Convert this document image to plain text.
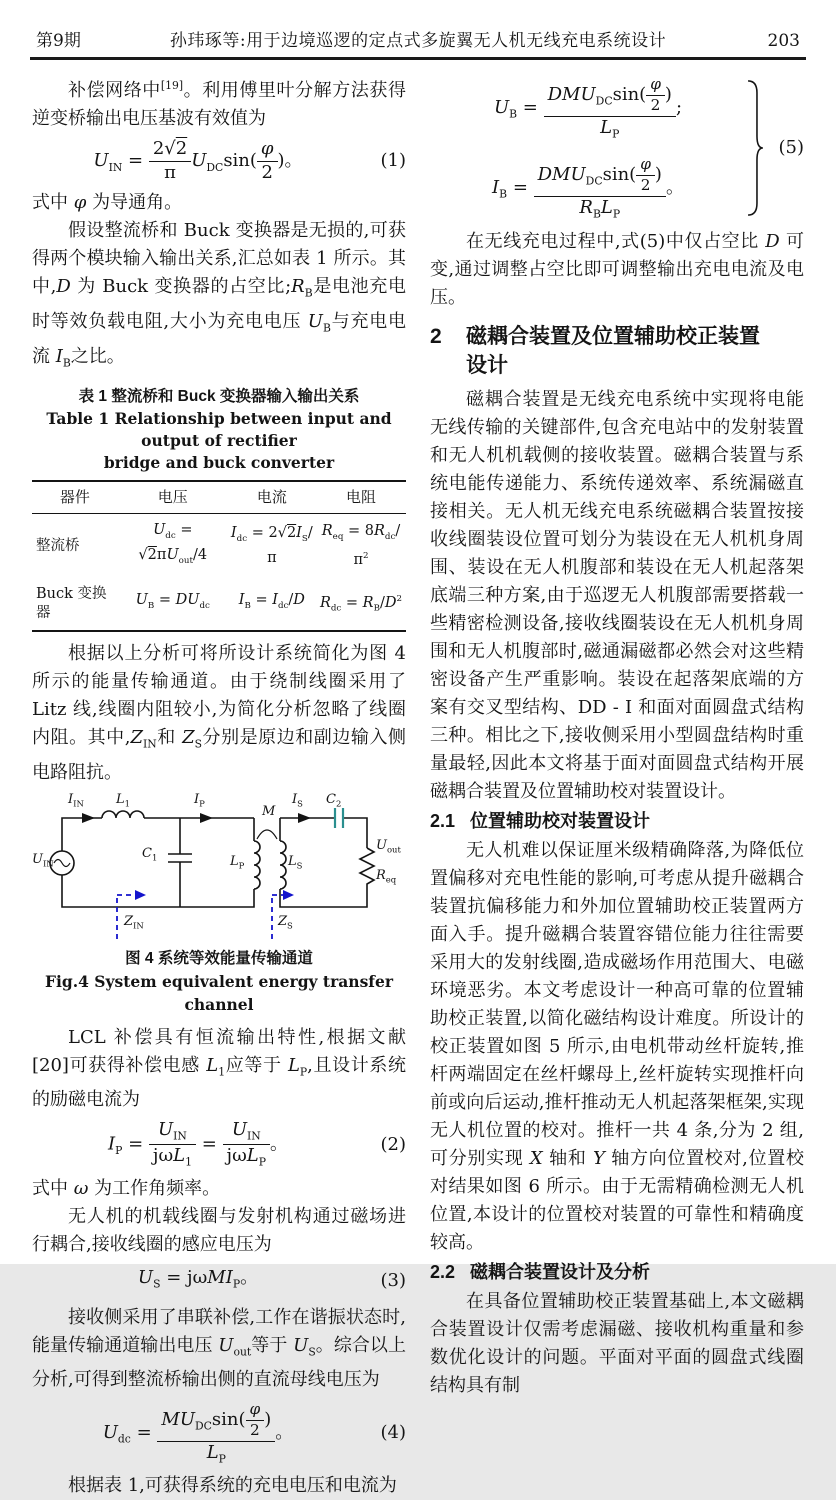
第9期	孙玮琢等:用于边境巡逻的定点式多旋翼无人机无线充电系统设计	203

补偿网络中[19]。利用傅里叶分解方法获得逆变桥输出电压基波有效值为

$U_{IN} = \frac{2√2}{\pi} U_{DC}\sin( \frac{\varphi}{2}$ )。	(1)

式中 φ 为导通角。

假设整流桥和 Buck 变换器是无损的,可获得两个模块输入输出关系,汇总如表 1 所示。其中,D 为 Buck 变换器的占空比$;R_B$是电池充电时等效负载电阻,大小为充电电压 $U_B$与充电电流 $I_B$之比。

表 1 整流桥和 Buck 变换器输入输出关系
Table 1 Relationship between input and output of rectifier
bridge and buck converter
器件	电压	电流	电阻
整流桥	$U_{dc} = √2\pi U_{out}/4$	$I_{dc} = 2√2I_S/\pi$	$R_{eq} = 8R_{dc}/\pi^2$
Buck 变换器	$U_B = DU_{dc}$	$I_B = I_{dc}/D$	$R_{dc} = R_B/D^2$

根据以上分析可将所设计系统简化为图 4 所示的能量传输通道。由于绕制线圈采用了 Litz 线,线圈内阻较小,为简化分析忽略了线圈内阻。其中$,Z_{IN}$和 $Z_S$分别是原边和副边输入侧电路阻抗。

$I_{IN}$ $L_1$	$I_P$
M
$I_S$ $C_2$
$U_{IN}$
$C_1$	$L_P$	$L_S$
$U_{out}$
$R_{eq}$
$Z_{IN}$	$Z_S$
图 4 系统等效能量传输通道
Fig.4 System equivalent energy transfer channel

LCL 补偿具有恒流输出特性,根据文献[20]可获得补偿电感 $L_1$应等于 $L_P$,且设计系统的励磁电流为

$I_P = \frac{U_{IN}}{j\omega L_1} = \frac{U_{IN}}{j\omega L_P}$ 。	(2)

式中 ω 为工作角频率。

无人机的机载线圈与发射机构通过磁场进行耦合,接收线圈的感应电压为

$U_S = j\omega MI_P$。	(3)

接收侧采用了串联补偿,工作在谐振状态时,能量传输通道输出电压 $U_{out}$等于 $U_S$。综合以上分析,可得到整流桥输出侧的直流母线电压为

$U_{dc} = \frac{MU_{DC}\sin( \frac{\varphi}{2} )}{L_P}$ 。	(4)

根据表 1,可获得系统的充电电压和电流为

$U_B = \frac{DMU_{DC}\sin( \frac{\varphi}{2} )}{L_P}$ ;
$I_B = \frac{DMU_{DC}\sin( \frac{\varphi}{2} )}{R_BL_P}$ 。
(5)

在无线充电过程中,式(5)中仅占空比 D 可变,通过调整占空比即可调整输出充电电流及电压。

2	磁耦合装置及位置辅助校正装置
设计

磁耦合装置是无线充电系统中实现将电能无线传输的关键部件,包含充电站中的发射装置和无人机机载侧的接收装置。磁耦合装置与系统电能传递能力、系统传递效率、系统漏磁直接相关。无人机无线充电系统磁耦合装置按接收线圈装设位置可划分为装设在无人机机身周围、装设在无人机腹部和装设在无人机起落架底端三种方案,由于巡逻无人机腹部需要搭载一些精密检测设备,接收线圈装设在无人机机身周围和无人机腹部时,磁通漏磁都必然会对这些精密设备产生严重影响。装设在起落架底端的方案有交叉型结构、DD - I 和面对面圆盘式结构三种。相比之下,接收侧采用小型圆盘结构时重量最轻,因此本文将基于面对面圆盘式结构开展磁耦合装置及位置辅助校对装置设计。

2.1 位置辅助校对装置设计

无人机难以保证厘米级精确降落,为降低位置偏移对充电性能的影响,可考虑从提升磁耦合装置抗偏移能力和外加位置辅助校正装置两方面入手。提升磁耦合装置容错位能力往往需要采用大的发射线圈,造成磁场作用范围大、电磁环境恶劣。本文考虑设计一种高可靠的位置辅助校正装置,以简化磁结构设计难度。所设计的校正装置如图 5 所示,由电机带动丝杆旋转,推杆两端固定在丝杆螺母上,丝杆旋转实现推杆向前或向后运动,推杆推动无人机起落架框架,实现无人机位置的校对。推杆一共 4 条,分为 2 组,可分别实现 X 轴和 Y 轴方向位置校对,位置校对结果如图 6 所示。由于无需精确检测无人机位置,本设计的位置校对装置的可靠性和精确度较高。

2.2 磁耦合装置设计及分析

在具备位置辅助校正装置基础上,本文磁耦合装置设计仅需考虑漏磁、接收机构重量和参数优化设计的问题。平面对平面的圆盘式线圈结构具有制
